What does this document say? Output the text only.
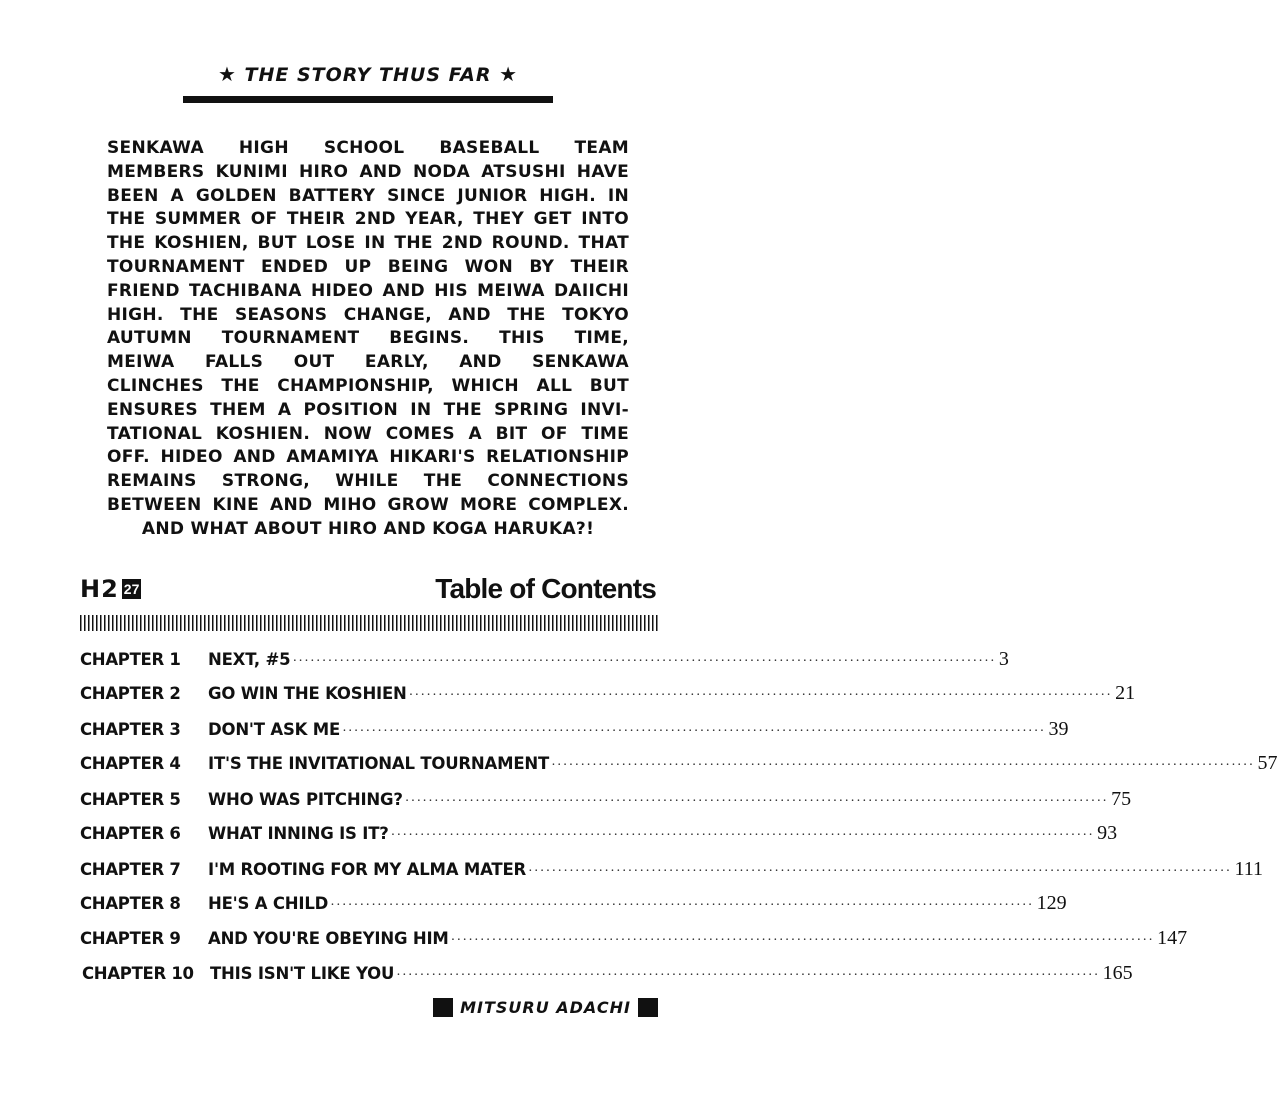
★ THE STORY THUS FAR ★
SENKAWA HIGH SCHOOL BASEBALL TEAM
MEMBERS KUNIMI HIRO AND NODA ATSUSHI HAVE
BEEN A GOLDEN BATTERY SINCE JUNIOR HIGH. IN
THE SUMMER OF THEIR 2ND YEAR, THEY GET INTO
THE KOSHIEN, BUT LOSE IN THE 2ND ROUND. THAT
TOURNAMENT ENDED UP BEING WON BY THEIR
FRIEND TACHIBANA HIDEO AND HIS MEIWA DAIICHI
HIGH. THE SEASONS CHANGE, AND THE TOKYO
AUTUMN TOURNAMENT BEGINS. THIS TIME,
MEIWA FALLS OUT EARLY, AND SENKAWA
CLINCHES THE CHAMPIONSHIP, WHICH ALL BUT
ENSURES THEM A POSITION IN THE SPRING INVI-
TATIONAL KOSHIEN. NOW COMES A BIT OF TIME
OFF. HIDEO AND AMAMIYA HIKARI'S RELATIONSHIP
REMAINS STRONG, WHILE THE CONNECTIONS
BETWEEN KINE AND MIHO GROW MORE COMPLEX.
AND WHAT ABOUT HIRO AND KOGA HARUKA?!
H2 27	Table of Contents
CHAPTER 1	NEXT, #5 ························································································································ 3
CHAPTER 2	GO WIN THE KOSHIEN ························································································································ 21
CHAPTER 3	DON'T ASK ME ························································································································ 39
CHAPTER 4	IT'S THE INVITATIONAL TOURNAMENT ························································································································ 57
CHAPTER 5	WHO WAS PITCHING? ························································································································ 75
CHAPTER 6	WHAT INNING IS IT? ························································································································ 93
CHAPTER 7	I'M ROOTING FOR MY ALMA MATER ························································································································ 111
CHAPTER 8	HE'S A CHILD ························································································································ 129
CHAPTER 9	AND YOU'RE OBEYING HIM ························································································································ 147
CHAPTER 10 THIS ISN'T LIKE YOU ························································································································ 165
MITSURU ADACHI
